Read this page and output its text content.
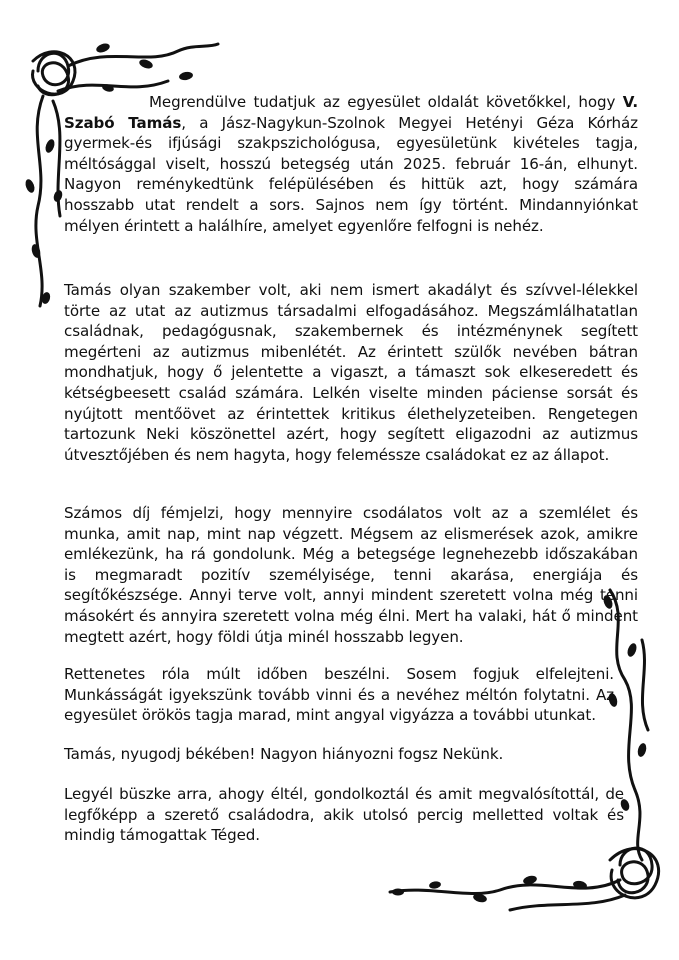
Megrendülve tudatjuk az egyesület oldalát követőkkel, hogy V. Szabó Tamás, a Jász-Nagykun-Szolnok Megyei Hetényi Géza Kórház gyermek-és ifjúsági szakpszichológusa, egyesületünk kivételes tagja, méltósággal viselt, hosszú betegség után 2025. február 16-án, elhunyt. Nagyon reménykedtünk felépülésében és hittük azt, hogy számára hosszabb utat rendelt a sors. Sajnos nem így történt. Mindannyiónkat mélyen érintett a halálhíre, amelyet egyenlőre felfogni is nehéz.

Tamás olyan szakember volt, aki nem ismert akadályt és szívvel-lélekkel törte az utat az autizmus társadalmi elfogadásához. Megszámlálhatatlan családnak, pedagógusnak, szakembernek és intézménynek segített megérteni az autizmus mibenlétét. Az érintett szülők nevében bátran mondhatjuk, hogy ő jelentette a vigaszt, a támaszt sok elkeseredett és kétségbeesett család számára. Lelkén viselte minden páciense sorsát és nyújtott mentőövet az érintettek kritikus élethelyzeteiben. Rengetegen tartozunk Neki köszönettel azért, hogy segített eligazodni az autizmus útvesztőjében és nem hagyta, hogy feleméssze családokat ez az állapot.

Számos díj fémjelzi, hogy mennyire csodálatos volt az a szemlélet és munka, amit nap, mint nap végzett. Mégsem az elismerések azok, amikre emlékezünk, ha rá gondolunk. Még a betegsége legnehezebb időszakában is megmaradt pozitív személyisége, tenni akarása, energiája és segítőkészsége. Annyi terve volt, annyi mindent szeretett volna még tenni másokért és annyira szeretett volna még élni. Mert ha valaki, hát ő mindent megtett azért, hogy földi útja minél hosszabb legyen.

Rettenetes róla múlt időben beszélni. Sosem fogjuk elfelejteni. Munkásságát igyekszünk tovább vinni és a nevéhez méltón folytatni. Az egyesület örökös tagja marad, mint angyal vigyázza a további utunkat.

Tamás, nyugodj békében! Nagyon hiányozni fogsz Nekünk.

Legyél büszke arra, ahogy éltél, gondolkoztál és amit megvalósítottál, de legfőképp a szerető családodra, akik utolsó percig melletted voltak és mindig támogattak Téged.
